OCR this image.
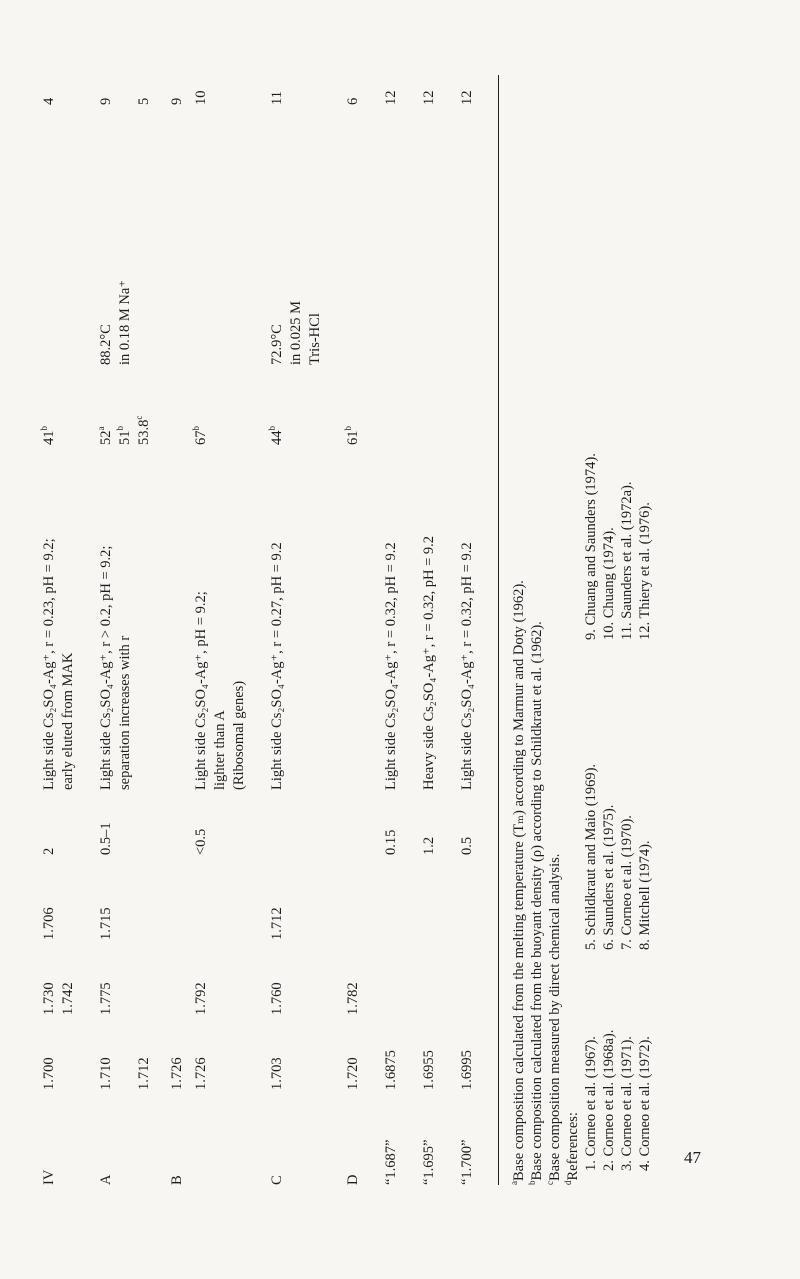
IV
1.700
1.730
1.706
2
Light side Cs₂SO₄-Ag⁺, r = 0.23, pH = 9.2;
41$^b$
4
1.742
early eluted from MAK
A
1.710
1.775
1.715
0.5–1
Light side Cs₂SO₄-Ag⁺, r > 0.2, pH = 9.2;
52$^a$
88.2°C
9
separation increases with r
51$^b$
in 0.18 M Na⁺
1.712
53.8$^c$
5
B
1.726
9
1.726
1.792
<0.5
Light side Cs₂SO₄-Ag⁺, pH = 9.2;
67$^b$
10
lighter than A (Ribosomal genes)
C
1.703
1.760
1.712
Light side Cs₂SO₄-Ag⁺, r = 0.27, pH = 9.2
44$^b$
72.9°C
11
in 0.025 M Tris-HCl
D
1.720
1.782
61$^b$
6
“1.687”
1.6875
0.15
Light side Cs₂SO₄-Ag⁺, r = 0.32, pH = 9.2
12
“1.695”
1.6955
1.2
Heavy side Cs₂SO₄-Ag⁺, r = 0.32, pH = 9.2
12
“1.700”
1.6995
0.5
Light side Cs₂SO₄-Ag⁺, r = 0.32, pH = 9.2
12
$^a$Base composition calculated from the melting temperature (Tₘ) according to Marmur and Doty (1962).
$^b$Base composition calculated from the buoyant density (ρ) according to Schildkraut et al. (1962).
$^c$Base composition measured by direct chemical analysis.
$^d$References: 1. Corneo et al. (1967). 2. Corneo et al. (1968a). 3. Corneo et al. (1971). 4. Corneo et al. (1972).
5. Schildkraut and Maio (1969). 6. Saunders et al. (1975). 7. Corneo et al. (1970). 8. Mitchell (1974).
9. Chuang and Saunders (1974). 10. Chuang (1974). 11. Saunders et al. (1972a). 12. Thiery et al. (1976).
47
